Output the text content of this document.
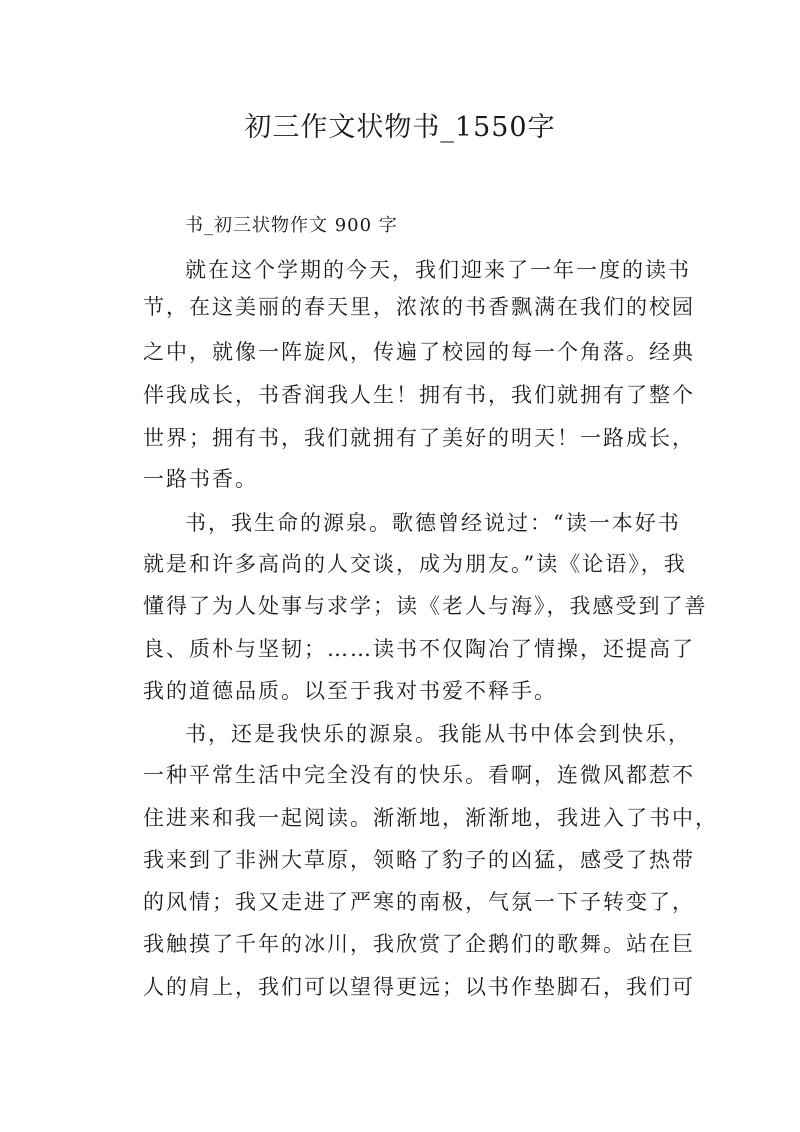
初三作文状物书_1550字
书_初三状物作文 900 字
就在这个学期的今天，我们迎来了一年一度的读书
节，在这美丽的春天里，浓浓的书香飘满在我们的校园
之中，就像一阵旋风，传遍了校园的每一个角落。经典
伴我成长，书香润我人生！拥有书，我们就拥有了整个
世界；拥有书，我们就拥有了美好的明天！一路成长，
一路书香。
书，我生命的源泉。歌德曾经说过：“读一本好书
就是和许多高尚的人交谈，成为朋友。”读《论语》，我
懂得了为人处事与求学；读《老人与海》，我感受到了善
良、质朴与坚韧；……读书不仅陶冶了情操，还提高了
我的道德品质。以至于我对书爱不释手。
书，还是我快乐的源泉。我能从书中体会到快乐，
一种平常生活中完全没有的快乐。看啊，连微风都惹不
住进来和我一起阅读。渐渐地，渐渐地，我进入了书中，
我来到了非洲大草原，领略了豹子的凶猛，感受了热带
的风情；我又走进了严寒的南极，气氛一下子转变了，
我触摸了千年的冰川，我欣赏了企鹅们的歌舞。站在巨
人的肩上，我们可以望得更远；以书作垫脚石，我们可
